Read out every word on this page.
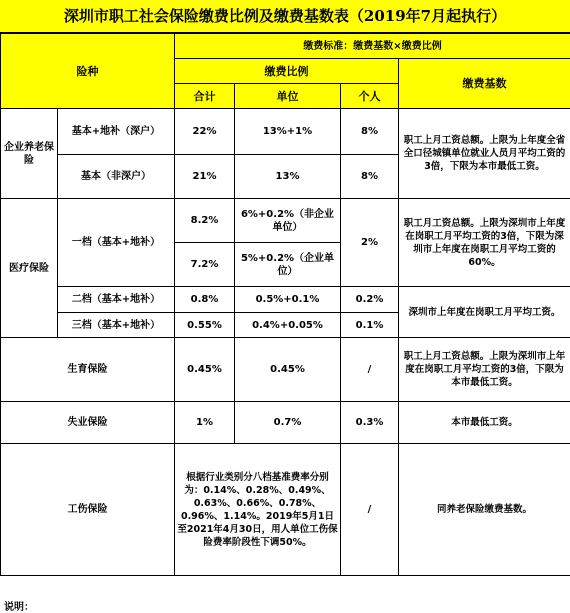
深圳市职工社会保险缴费比例及缴费基数表（2019年7月起执行）
险种		缴费标准：缴费基数×缴费比例			
		缴费比例			缴费基数
		合计	单位	个人	
企业养老保险	基本+地补（深户）	22%	13%+1%	8%	职工上月工资总额。上限为上年度全省全口径城镇单位就业人员月平均工资的3倍，下限为本市最低工资。
	基本（非深户）	21%	13%	8%	
医疗保险	一档（基本+地补）	8.2%	6%+0.2%（非企业单位）	2%	职工月工资总额。上限为深圳市上年度在岗职工月平均工资的3倍，下限为深圳市上年度在岗职工月平均工资的60%。
		7.2%	5%+0.2%（企业单位）		
	二档（基本+地补）	0.8%	0.5%+0.1%	0.2%	深圳市上年度在岗职工月平均工资。
	三档（基本+地补）	0.55%	0.4%+0.05%	0.1%	
生育保险		0.45%	0.45%	/	职工上月工资总额。上限为深圳市上年度在岗职工月平均工资的3倍，下限为本市最低工资。
失业保险		1%	0.7%	0.3%	本市最低工资。
工伤保险		根据行业类别分八档基准费率分别为：0.14%、0.28%、0.49%、0.63%、0.66%、0.78%、0.96%、1.14%。2019年5月1日至2021年4月30日，用人单位工伤保险费率阶段性下调50%。		/	同养老保险缴费基数。
说明：
